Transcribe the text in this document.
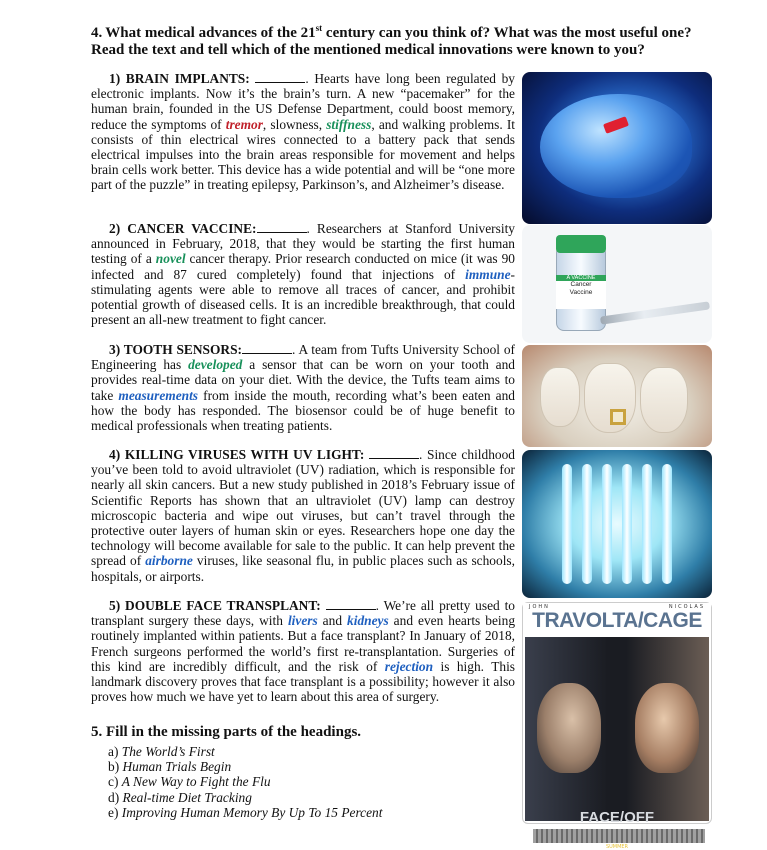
4. What medical advances of the 21st century can you think of? What was the most useful one? Read the text and tell which of the mentioned medical innovations were known to you?

1) BRAIN IMPLANTS:	. Hearts have long been regulated by electronic implants. Now it’s the brain’s turn. A new “pacemaker” for the human brain, founded in the US Defense Department, could boost memory, reduce the symptoms of tremor, slowness, stiffness, and walking problems. It consists of thin electrical wires connected to a battery pack that sends electrical impulses into the brain areas responsible for movement and helps brain cells work better. This device has a wide potential and will be “one more part of the puzzle” in treating epilepsy, Parkinson’s, and Alzheimer’s disease.

2) CANCER VACCINE:	. Researchers at Stanford University announced in February, 2018, that they would be starting the first human testing of a novel cancer therapy. Prior research conducted on mice (it was 90 infected and 87 cured completely) found that injections of immune-stimulating agents were able to remove all traces of cancer, and prohibit potential growth of diseased cells. It is an incredible breakthrough, that could present an all-new treatment to fight cancer.

3) TOOTH SENSORS:	. A team from Tufts University School of Engineering has developed a sensor that can be worn on your tooth and provides real-time data on your diet. With the device, the Tufts team aims to take measurements from inside the mouth, recording what’s been eaten and how the body has responded. The biosensor could be of huge benefit to medical professionals when treating patients.

4) KILLING VIRUSES WITH UV LIGHT:	. Since childhood you’ve been told to avoid ultraviolet (UV) radiation, which is responsible for nearly all skin cancers. But a new study published in 2018’s February issue of Scientific Reports has shown that an ultraviolet (UV) lamp can destroy microscopic bacteria and wipe out viruses, but can’t travel through the protective outer layers of human skin or eyes. Researchers hope one day the technology will become available for sale to the public. It can help prevent the spread of airborne viruses, like seasonal flu, in public places such as schools, hospitals, or airports.

5) DOUBLE FACE TRANSPLANT:	. We’re all pretty used to transplant surgery these days, with livers and kidneys and even hearts being routinely implanted within patients. But a face transplant? In January of 2018, French surgeons performed the world’s first re-transplantation. Surgeries of this kind are incredibly difficult, and the risk of rejection is high. This landmark discovery proves that face transplant is a possibility; however it also proves how much we have yet to learn about this area of surgery.

5. Fill in the missing parts of the headings.
a) The World’s First
b) Human Trials Begin
c) A New Way to Fight the Flu
d) Real-time Diet Tracking
e) Improving Human Memory By Up To 15 Percent
A VACCINE
Cancer
Vaccine
JOHN	NICOLAS
TRAVOLTA/CAGE
FACE/OFF
SUMMER
